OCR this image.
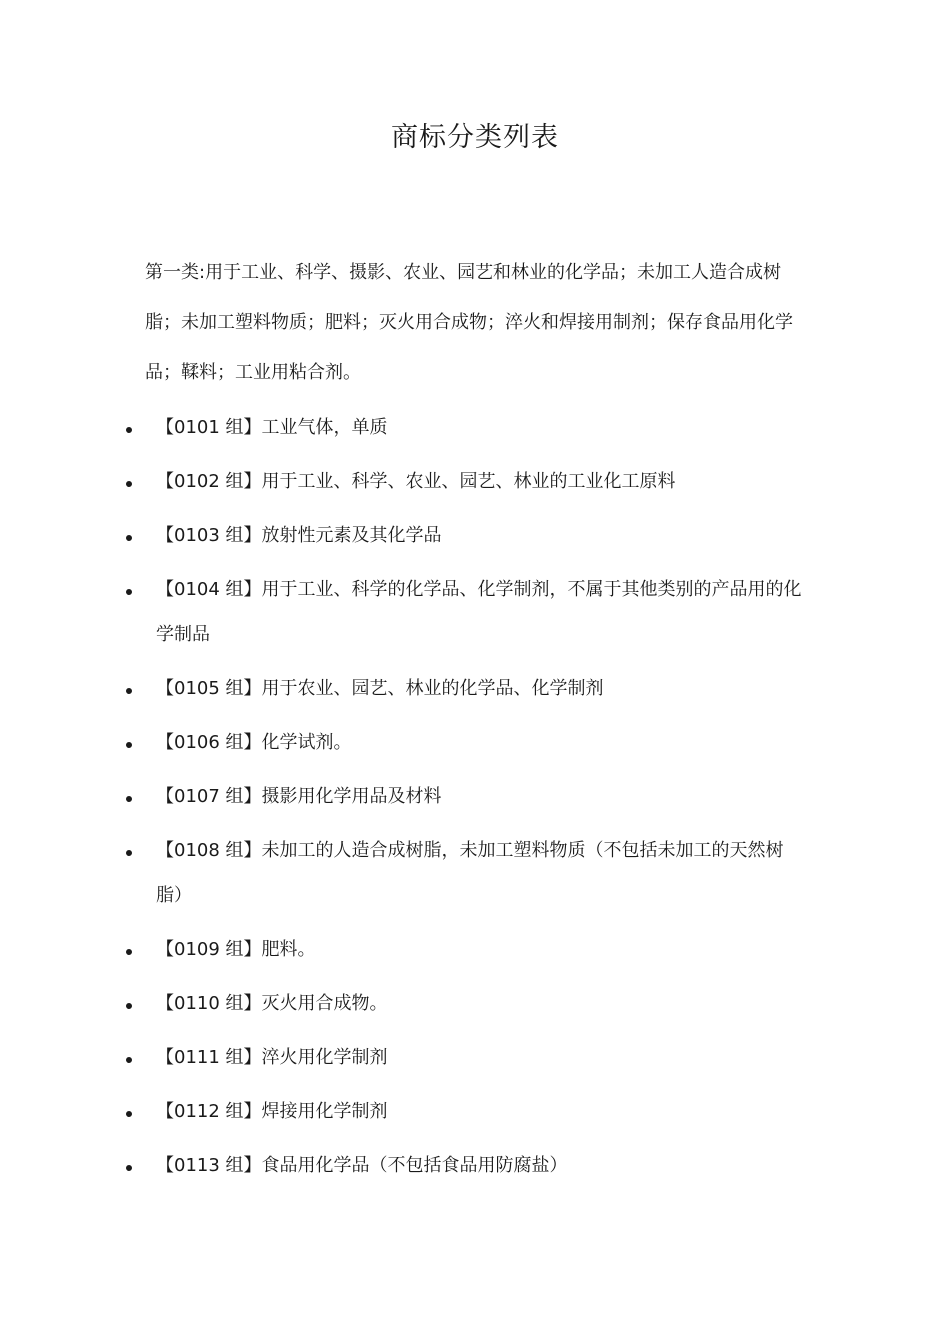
商标分类列表

第一类:用于工业、科学、摄影、农业、园艺和林业的化学品；未加工人造合成树脂；未加工塑料物质；肥料；灭火用合成物；淬火和焊接用制剂；保存食品用化学品；鞣料；工业用粘合剂。

【0101 组】工业气体，单质
【0102 组】用于工业、科学、农业、园艺、林业的工业化工原料
【0103 组】放射性元素及其化学品
【0104 组】用于工业、科学的化学品、化学制剂，不属于其他类别的产品用的化学制品
【0105 组】用于农业、园艺、林业的化学品、化学制剂
【0106 组】化学试剂。
【0107 组】摄影用化学用品及材料
【0108 组】未加工的人造合成树脂，未加工塑料物质（不包括未加工的天然树脂）
【0109 组】肥料。
【0110 组】灭火用合成物。
【0111 组】淬火用化学制剂
【0112 组】焊接用化学制剂
【0113 组】食品用化学品（不包括食品用防腐盐）
